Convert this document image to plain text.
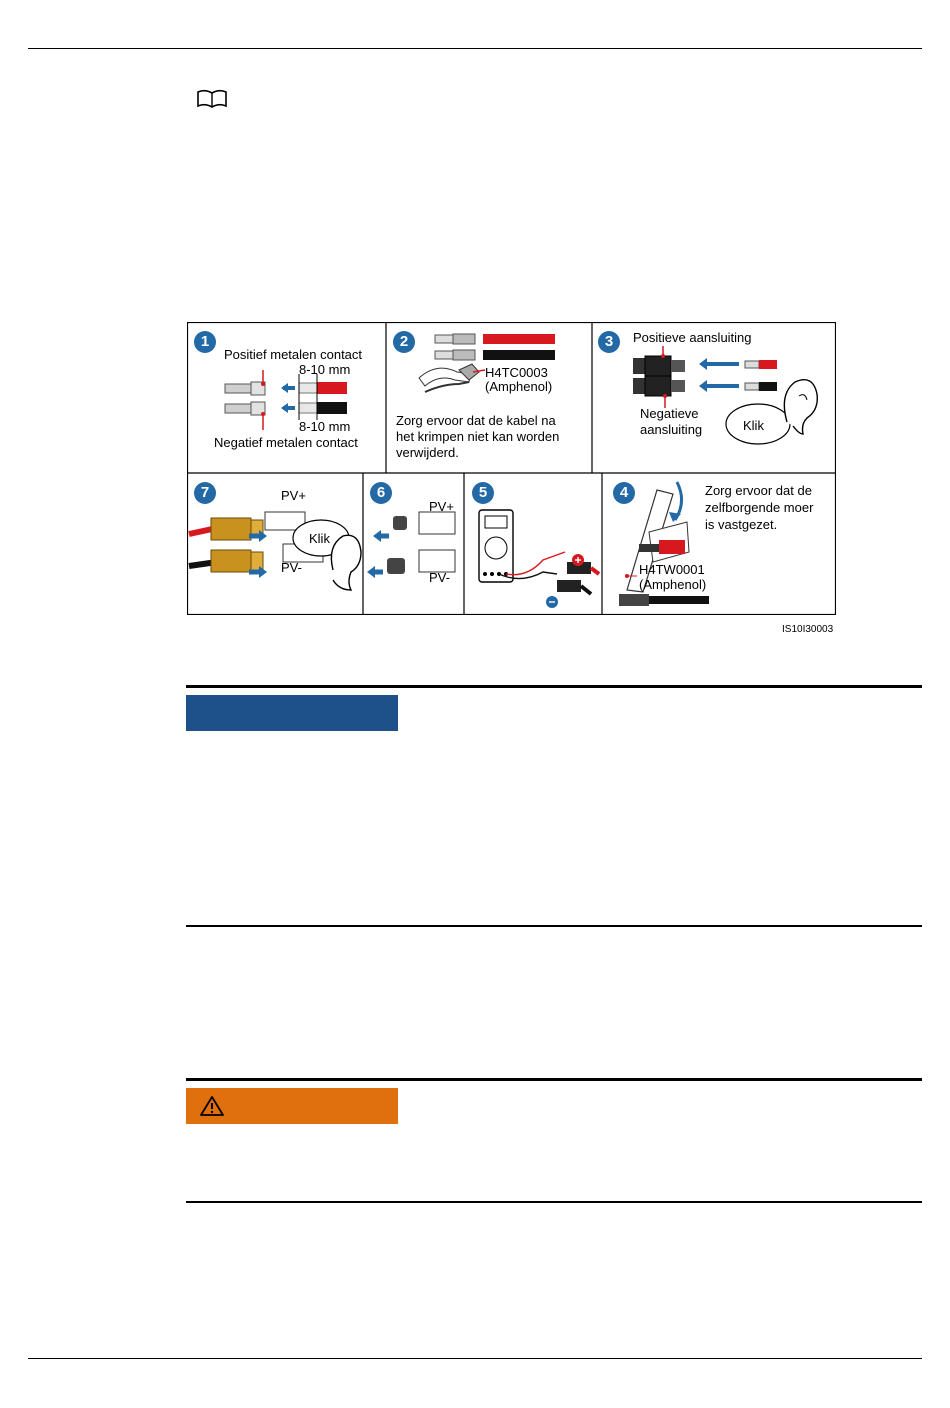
1
Positief metalen contact
8-10 mm
8-10 mm
Negatief metalen contact
2
H4TC0003
(Amphenol)
Zorg ervoor dat de kabel na
het krimpen niet kan worden
verwijderd.
3	Positieve aansluiting
Negatieve
aansluiting	Klik
7	PV+
PV-
Klik
6
PV+
PV-
5	4	Zorg ervoor dat de
zelfborgende moer
is vastgezet.
H4TW0001
(Amphenol)
IS10I30003
